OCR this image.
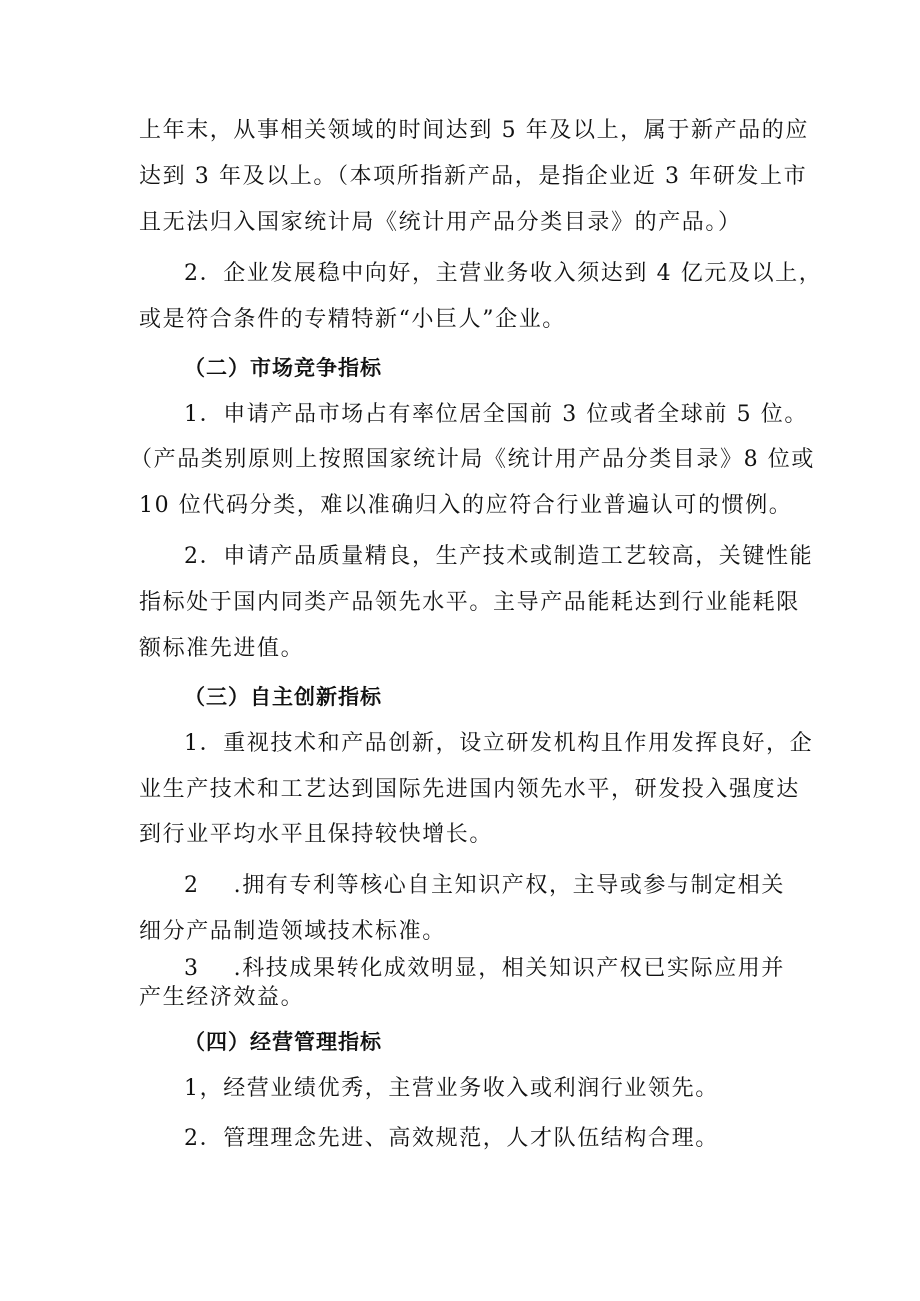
上年末，从事相关领域的时间达到 5 年及以上，属于新产品的应

达到 3 年及以上。（本项所指新产品，是指企业近 3 年研发上市

且无法归入国家统计局《统计用产品分类目录》的产品。）

2．企业发展稳中向好，主营业务收入须达到 4 亿元及以上，

或是符合条件的专精特新“小巨人”企业。

（二）市场竞争指标

1．申请产品市场占有率位居全国前 3 位或者全球前 5 位。

（产品类别原则上按照国家统计局《统计用产品分类目录》8 位或

10 位代码分类，难以准确归入的应符合行业普遍认可的惯例。

2．申请产品质量精良，生产技术或制造工艺较高，关键性能

指标处于国内同类产品领先水平。主导产品能耗达到行业能耗限

额标准先进值。

（三）自主创新指标

1．重视技术和产品创新，设立研发机构且作用发挥良好，企

业生产技术和工艺达到国际先进国内领先水平，研发投入强度达

到行业平均水平且保持较快增长。

2 .拥有专利等核心自主知识产权，主导或参与制定相关

细分产品制造领域技术标准。

3 .科技成果转化成效明显，相关知识产权已实际应用并

产生经济效益。

（四）经营管理指标

1，经营业绩优秀，主营业务收入或利润行业领先。

2．管理理念先进、高效规范，人才队伍结构合理。
